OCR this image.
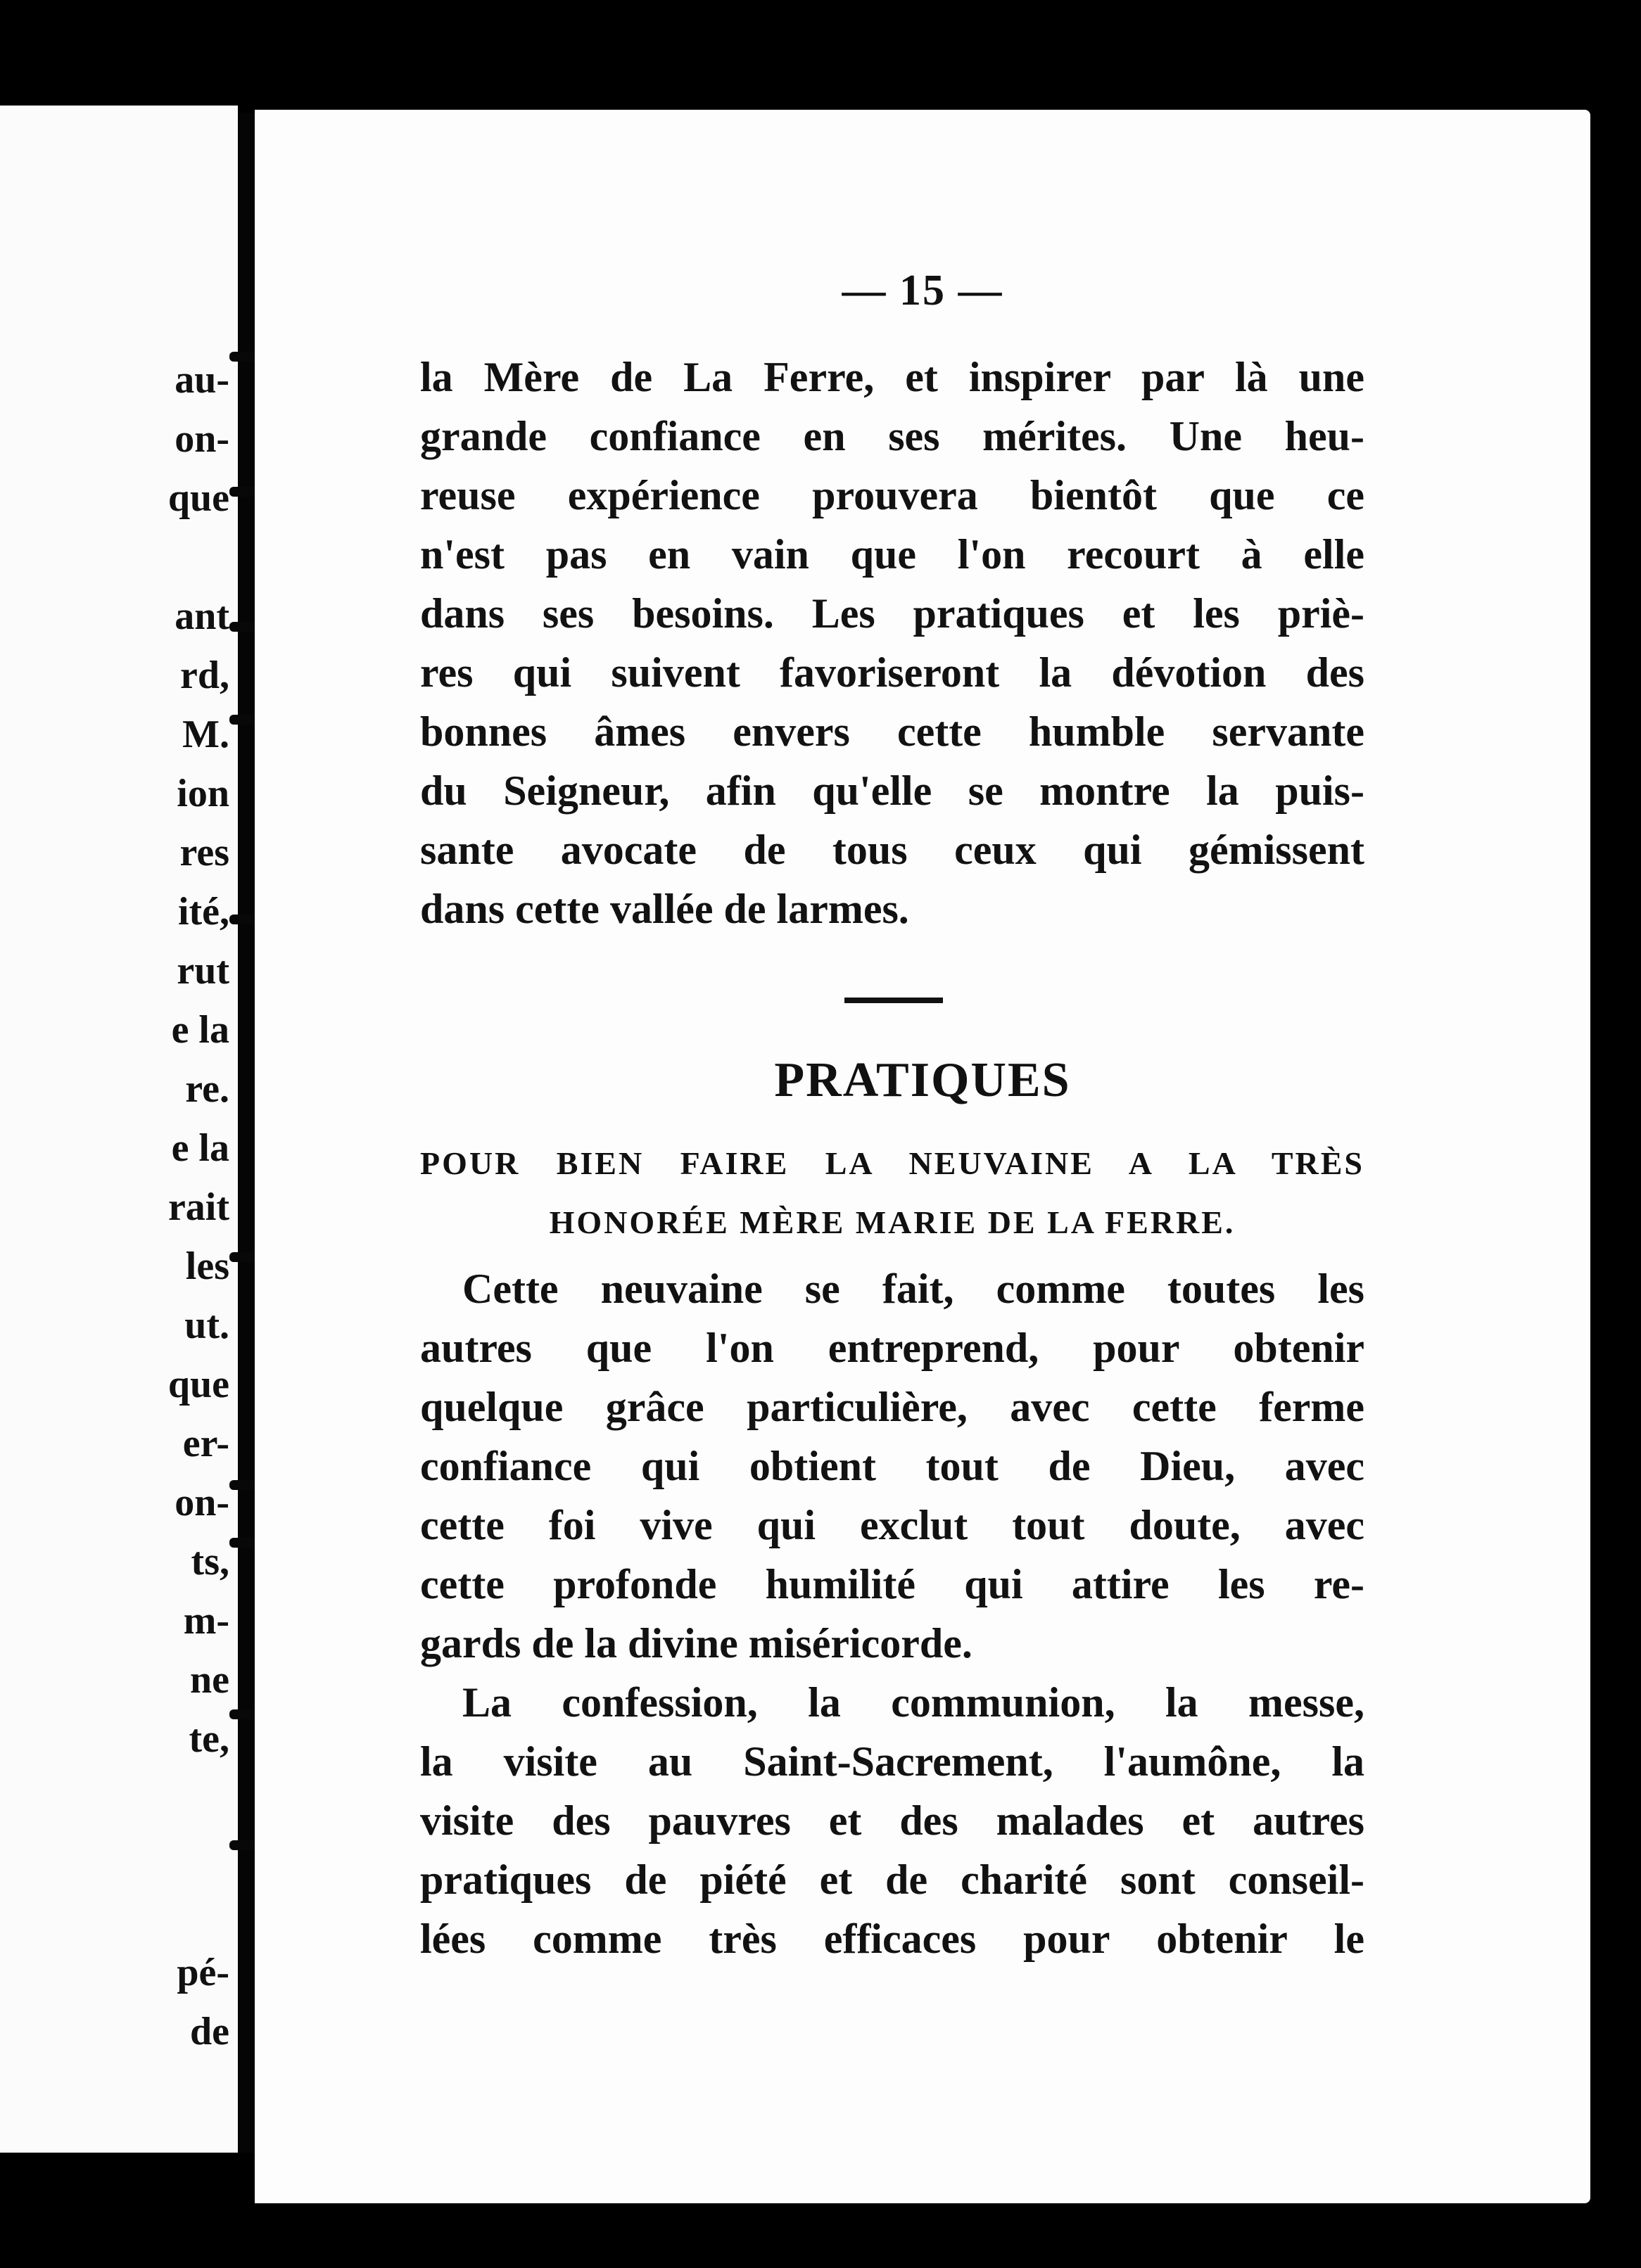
au-
on-
que
ant
rd,
M.
ion
res
ité,
rut
e la
re.
e la
rait
les
ut.
que
er-
on-
ts,
m-
ne
te,
pé-
de
— 15 —
la Mère de La Ferre, et inspirer par là une
grande confiance en ses mérites. Une heu-
reuse expérience prouvera bientôt que ce
n'est pas en vain que l'on recourt à elle
dans ses besoins. Les pratiques et les priè-
res qui suivent favoriseront la dévotion des
bonnes âmes envers cette humble servante
du Seigneur, afin qu'elle se montre la puis-
sante avocate de tous ceux qui gémissent
dans cette vallée de larmes.
PRATIQUES
POUR BIEN FAIRE LA NEUVAINE A LA TRÈS
HONORÉE MÈRE MARIE DE LA FERRE.
Cette neuvaine se fait, comme toutes les
autres que l'on entreprend, pour obtenir
quelque grâce particulière, avec cette ferme
confiance qui obtient tout de Dieu, avec
cette foi vive qui exclut tout doute, avec
cette profonde humilité qui attire les re-
gards de la divine miséricorde.
La confession, la communion, la messe,
la visite au Saint-Sacrement, l'aumône, la
visite des pauvres et des malades et autres
pratiques de piété et de charité sont conseil-
lées comme très efficaces pour obtenir le
